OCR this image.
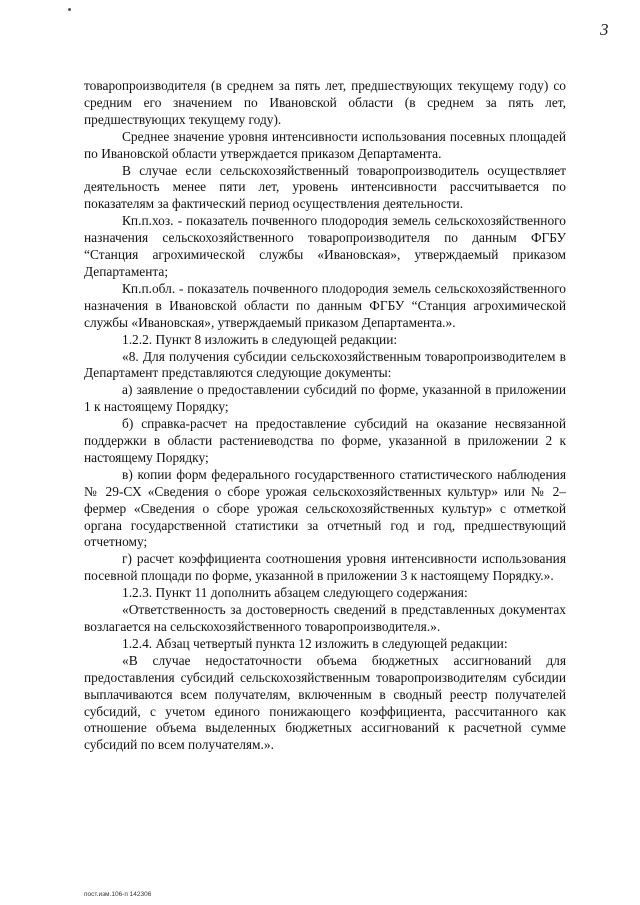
3

товаропроизводителя (в среднем за пять лет, предшествующих текущему году) со средним его значением по Ивановской области (в среднем за пять лет, предшествующих текущему году).

Среднее значение уровня интенсивности использования посевных площадей по Ивановской области утверждается приказом Департамента.

В случае если сельскохозяйственный товаропроизводитель осуществляет деятельность менее пяти лет, уровень интенсивности рассчитывается по показателям за фактический период осуществления деятельности.

Кп.п.хоз. - показатель почвенного плодородия земель сельскохозяйственного назначения сельскохозяйственного товаропроизводителя по данным ФГБУ “Станция агрохимической службы «Ивановская», утверждаемый приказом Департамента;

Кп.п.обл. - показатель почвенного плодородия земель сельскохозяйственного назначения в Ивановской области по данным ФГБУ “Станция агрохимической службы «Ивановская», утверждаемый приказом Департамента.».

1.2.2. Пункт 8 изложить в следующей редакции:

«8. Для получения субсидии сельскохозяйственным товаропроизводителем в Департамент представляются следующие документы:

а) заявление о предоставлении субсидий по форме, указанной в приложении 1 к настоящему Порядку;

б) справка-расчет на предоставление субсидий на оказание несвязанной поддержки в области растениеводства по форме, указанной в приложении 2 к настоящему Порядку;

в) копии форм федерального государственного статистического наблюдения № 29-СХ «Сведения о сборе урожая сельскохозяйственных культур» или № 2–фермер «Сведения о сборе урожая сельскохозяйственных культур» с отметкой органа государственной статистики за отчетный год и год, предшествующий отчетному;

г) расчет коэффициента соотношения уровня интенсивности использования посевной площади по форме, указанной в приложении 3 к настоящему Порядку.».

1.2.3. Пункт 11 дополнить абзацем следующего содержания:

«Ответственность за достоверность сведений в представленных документах возлагается на сельскохозяйственного товаропроизводителя.».

1.2.4. Абзац четвертый пункта 12 изложить в следующей редакции:

«В случае недостаточности объема бюджетных ассигнований для предоставления субсидий сельскохозяйственным товаропроизводителям субсидии выплачиваются всем получателям, включенным в сводный реестр получателей субсидий, с учетом единого понижающего коэффициента, рассчитанного как отношение объема выделенных бюджетных ассигнований к расчетной сумме субсидий по всем получателям.».

пост.изм.106-п 142306
